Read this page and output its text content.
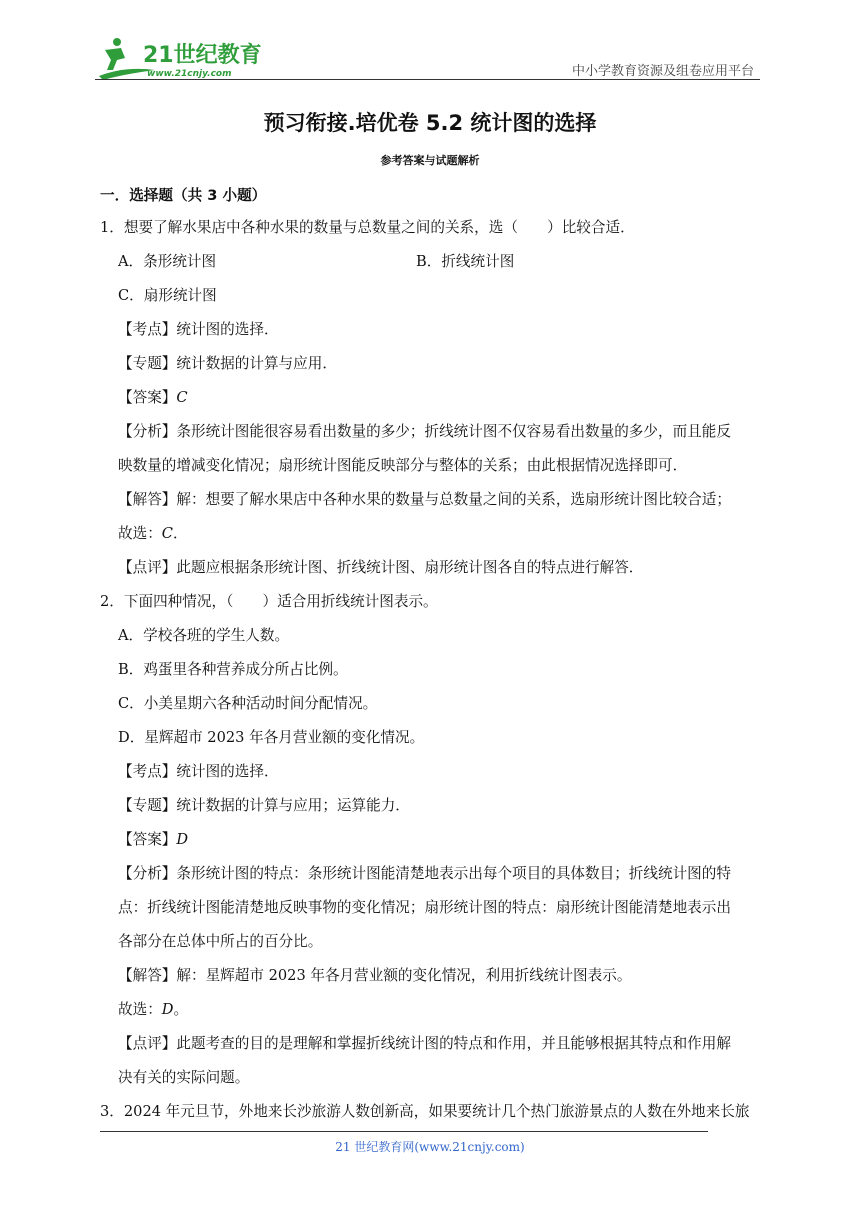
21世纪教育
www.21cnjy.com	中小学教育资源及组卷应用平台
预习衔接.培优卷 5.2 统计图的选择
参考答案与试题解析
一．选择题（共 3 小题）
1．想要了解水果店中各种水果的数量与总数量之间的关系，选（　　）比较合适．
A．条形统计图	B．折线统计图
C．扇形统计图
【考点】统计图的选择．
【专题】统计数据的计算与应用．
【答案】C
【分析】条形统计图能很容易看出数量的多少；折线统计图不仅容易看出数量的多少，而且能反
映数量的增减变化情况；扇形统计图能反映部分与整体的关系；由此根据情况选择即可．
【解答】解：想要了解水果店中各种水果的数量与总数量之间的关系，选扇形统计图比较合适；
故选：C．
【点评】此题应根据条形统计图、折线统计图、扇形统计图各自的特点进行解答．
2．下面四种情况，（　　）适合用折线统计图表示。
A．学校各班的学生人数。
B．鸡蛋里各种营养成分所占比例。
C．小美星期六各种活动时间分配情况。
D．星辉超市 2023 年各月营业额的变化情况。
【考点】统计图的选择．
【专题】统计数据的计算与应用；运算能力．
【答案】D
【分析】条形统计图的特点：条形统计图能清楚地表示出每个项目的具体数目；折线统计图的特
点：折线统计图能清楚地反映事物的变化情况；扇形统计图的特点：扇形统计图能清楚地表示出
各部分在总体中所占的百分比。
【解答】解：星辉超市 2023 年各月营业额的变化情况，利用折线统计图表示。
故选：D。
【点评】此题考查的目的是理解和掌握折线统计图的特点和作用，并且能够根据其特点和作用解
决有关的实际问题。
3．2024 年元旦节，外地来长沙旅游人数创新高，如果要统计几个热门旅游景点的人数在外地来长旅
21 世纪教育网(www.21cnjy.com)
